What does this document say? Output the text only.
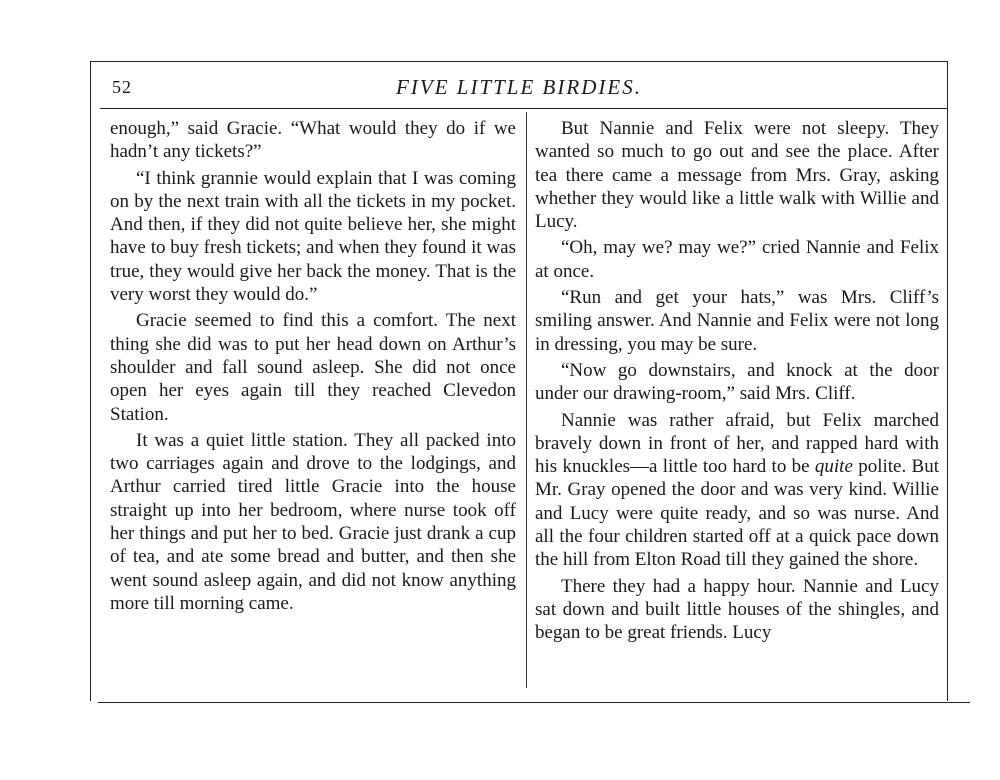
52	FIVE LITTLE BIRDIES.

enough,” said Gracie. “What would they do if we hadn’t any tickets?”

“I think grannie would explain that I was coming on by the next train with all the tickets in my pocket. And then, if they did not quite believe her, she might have to buy fresh tickets; and when they found it was true, they would give her back the money. That is the very worst they would do.”

Gracie seemed to find this a comfort. The next thing she did was to put her head down on Arthur’s shoulder and fall sound asleep. She did not once open her eyes again till they reached Clevedon Station.

It was a quiet little station. They all packed into two carriages again and drove to the lodgings, and Arthur carried tired little Gracie into the house straight up into her bedroom, where nurse took off her things and put her to bed. Gracie just drank a cup of tea, and ate some bread and butter, and then she went sound asleep again, and did not know anything more till morning came.

But Nannie and Felix were not sleepy. They wanted so much to go out and see the place. After tea there came a message from Mrs. Gray, asking whether they would like a little walk with Willie and Lucy.

“Oh, may we? may we?” cried Nannie and Felix at once.

“Run and get your hats,” was Mrs. Cliff’s smiling answer. And Nannie and Felix were not long in dressing, you may be sure.

“Now go downstairs, and knock at the door under our drawing-room,” said Mrs. Cliff.

Nannie was rather afraid, but Felix marched bravely down in front of her, and rapped hard with his knuckles—a little too hard to be quite polite. But Mr. Gray opened the door and was very kind. Willie and Lucy were quite ready, and so was nurse. And all the four children started off at a quick pace down the hill from Elton Road till they gained the shore.

There they had a happy hour. Nannie and Lucy sat down and built little houses of the shingles, and began to be great friends. Lucy
